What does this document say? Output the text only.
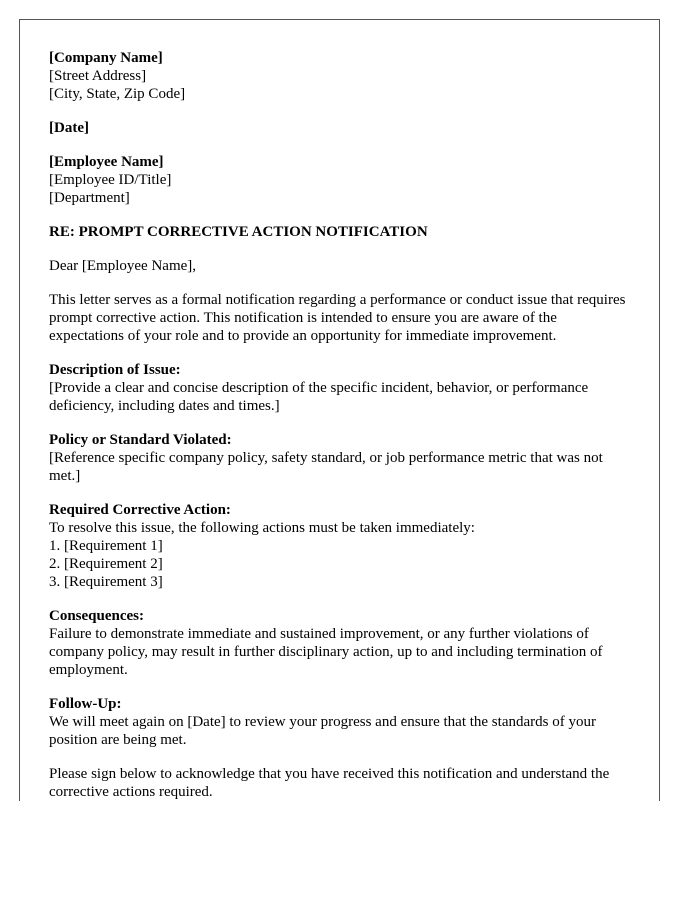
[Company Name]
[Street Address]
[City, State, Zip Code]
[Date]
[Employee Name]
[Employee ID/Title]
[Department]
RE: PROMPT CORRECTIVE ACTION NOTIFICATION
Dear [Employee Name],
This letter serves as a formal notification regarding a performance or conduct issue that requires prompt corrective action. This notification is intended to ensure you are aware of the expectations of your role and to provide an opportunity for immediate improvement.
Description of Issue:
[Provide a clear and concise description of the specific incident, behavior, or performance deficiency, including dates and times.]
Policy or Standard Violated:
[Reference specific company policy, safety standard, or job performance metric that was not met.]
Required Corrective Action:
To resolve this issue, the following actions must be taken immediately:
1. [Requirement 1]
2. [Requirement 2]
3. [Requirement 3]
Consequences:
Failure to demonstrate immediate and sustained improvement, or any further violations of company policy, may result in further disciplinary action, up to and including termination of employment.
Follow-Up:
We will meet again on [Date] to review your progress and ensure that the standards of your position are being met.
Please sign below to acknowledge that you have received this notification and understand the corrective actions required.
